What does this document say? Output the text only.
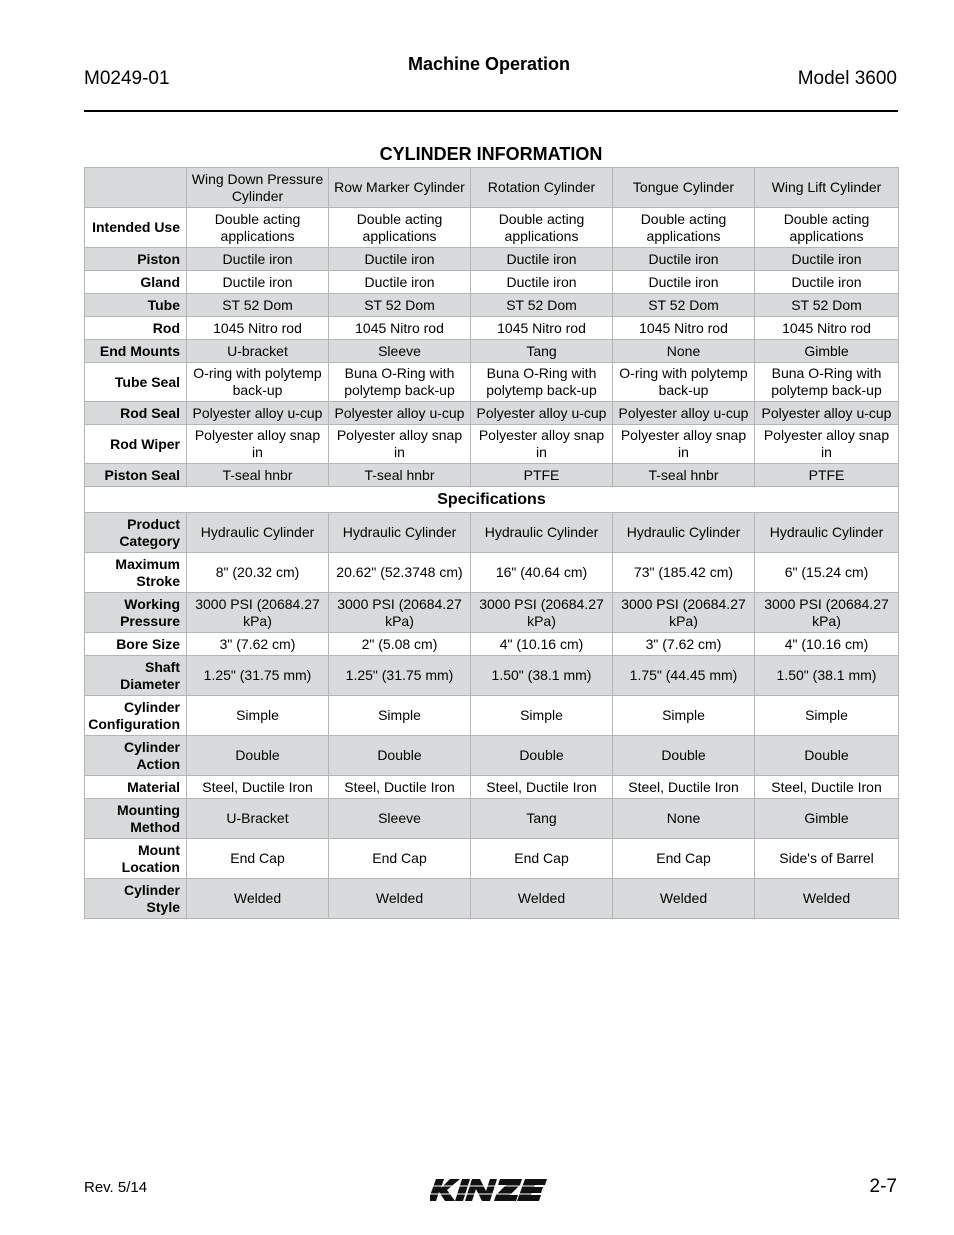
M0249-01
Machine Operation
Model 3600
CYLINDER INFORMATION
	Wing Down Pressure Cylinder	Row Marker Cylinder	Rotation Cylinder	Tongue Cylinder	Wing Lift Cylinder
Intended Use	Double acting applications	Double acting applications	Double acting applications	Double acting applications	Double acting applications
Piston	Ductile iron	Ductile iron	Ductile iron	Ductile iron	Ductile iron
Gland	Ductile iron	Ductile iron	Ductile iron	Ductile iron	Ductile iron
Tube	ST 52 Dom	ST 52 Dom	ST 52 Dom	ST 52 Dom	ST 52 Dom
Rod	1045 Nitro rod	1045 Nitro rod	1045 Nitro rod	1045 Nitro rod	1045 Nitro rod
End Mounts	U-bracket	Sleeve	Tang	None	Gimble
Tube Seal	O-ring with polytemp back-up	Buna O-Ring with polytemp back-up	Buna O-Ring with polytemp back-up	O-ring with polytemp back-up	Buna O-Ring with polytemp back-up
Rod Seal	Polyester alloy u-cup	Polyester alloy u-cup	Polyester alloy u-cup	Polyester alloy u-cup	Polyester alloy u-cup
Rod Wiper	Polyester alloy snap in	Polyester alloy snap in	Polyester alloy snap in	Polyester alloy snap in	Polyester alloy snap in
Piston Seal	T-seal hnbr	T-seal hnbr	PTFE	T-seal hnbr	PTFE
Specifications					
Product Category	Hydraulic Cylinder	Hydraulic Cylinder	Hydraulic Cylinder	Hydraulic Cylinder	Hydraulic Cylinder
Maximum Stroke	8" (20.32 cm)	20.62" (52.3748 cm)	16" (40.64 cm)	73" (185.42 cm)	6" (15.24 cm)
Working Pressure	3000 PSI (20684.27 kPa)	3000 PSI (20684.27 kPa)	3000 PSI (20684.27 kPa)	3000 PSI (20684.27 kPa)	3000 PSI (20684.27 kPa)
Bore Size	3" (7.62 cm)	2" (5.08 cm)	4" (10.16 cm)	3" (7.62 cm)	4" (10.16 cm)
Shaft Diameter	1.25" (31.75 mm)	1.25" (31.75 mm)	1.50" (38.1 mm)	1.75" (44.45 mm)	1.50" (38.1 mm)
Cylinder Configuration	Simple	Simple	Simple	Simple	Simple
Cylinder Action	Double	Double	Double	Double	Double
Material	Steel, Ductile Iron	Steel, Ductile Iron	Steel, Ductile Iron	Steel, Ductile Iron	Steel, Ductile Iron
Mounting Method	U-Bracket	Sleeve	Tang	None	Gimble
Mount Location	End Cap	End Cap	End Cap	End Cap	Side's of Barrel
Cylinder Style	Welded	Welded	Welded	Welded	Welded
Rev. 5/14	2-7
